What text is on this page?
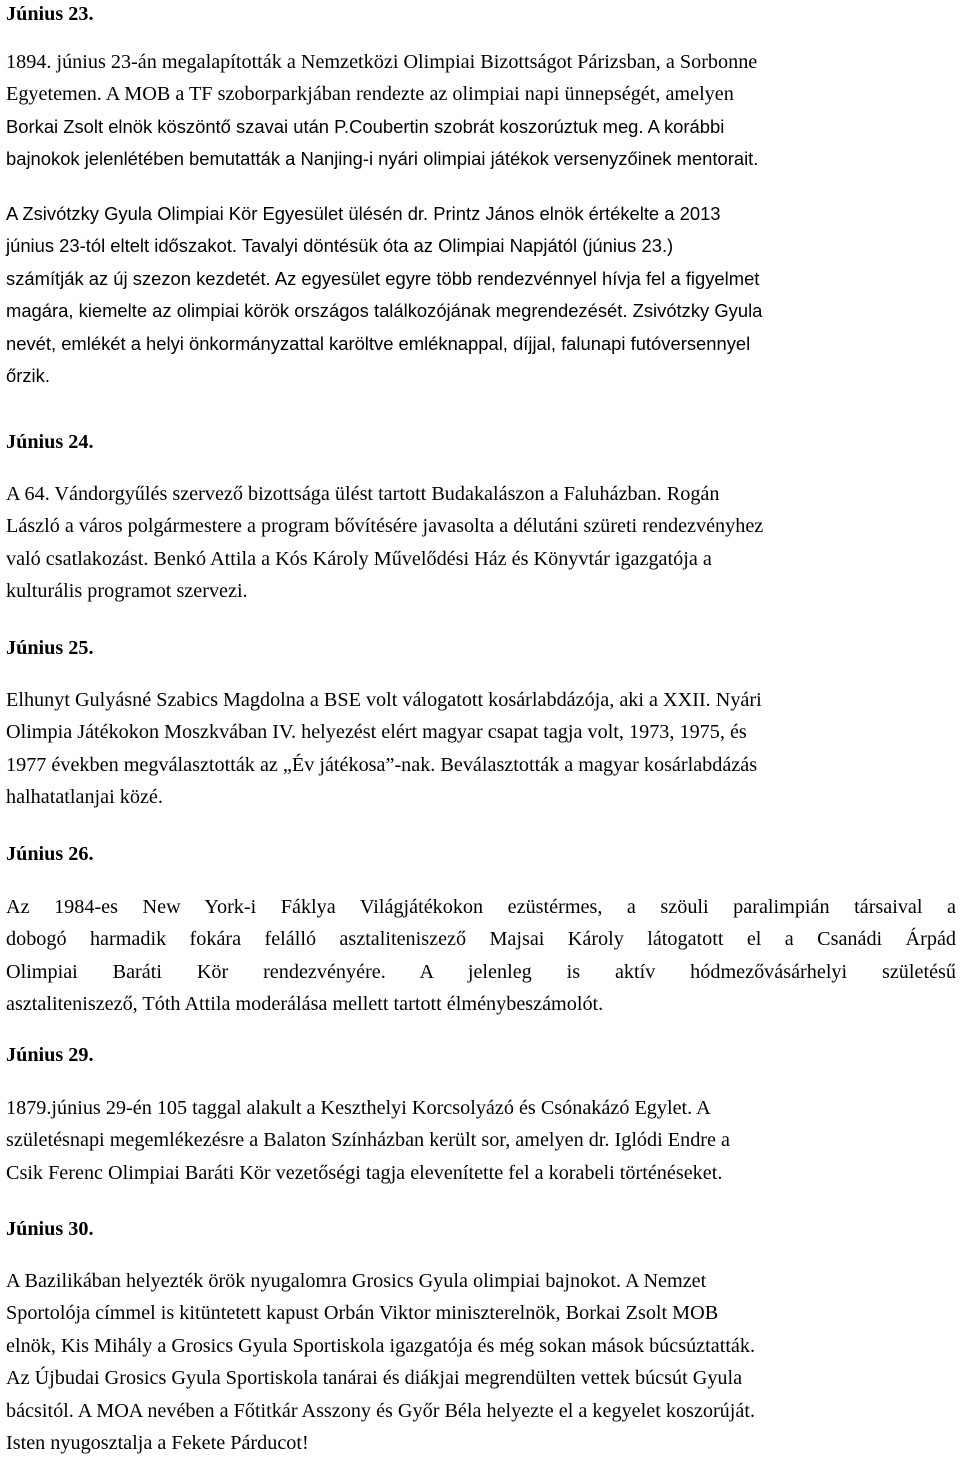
Június 23.
1894. június 23-án megalapították a Nemzetközi Olimpiai Bizottságot Párizsban, a Sorbonne
Egyetemen. A MOB a TF szoborparkjában rendezte az olimpiai napi ünnepségét, amelyen
Borkai Zsolt elnök köszöntő szavai után P.Coubertin szobrát koszorúztuk meg. A korábbi
bajnokok jelenlétében bemutatták a Nanjing-i nyári olimpiai játékok versenyzőinek mentorait.
A Zsivótzky Gyula Olimpiai Kör Egyesület ülésén dr. Printz János elnök értékelte a 2013
június 23-tól eltelt időszakot. Tavalyi döntésük óta az Olimpiai Napjától (június 23.)
számítják az új szezon kezdetét. Az egyesület egyre több rendezvénnyel hívja fel a figyelmet
magára, kiemelte az olimpiai körök országos találkozójának megrendezését. Zsivótzky Gyula
nevét, emlékét a helyi önkormányzattal karöltve emléknappal, díjjal, falunapi futóversennyel
őrzik.
Június 24.
A 64. Vándorgyűlés szervező bizottsága ülést tartott Budakalászon a Faluházban. Rogán
László a város polgármestere a program bővítésére javasolta a délutáni szüreti rendezvényhez
való csatlakozást. Benkó Attila a Kós Károly Művelődési Ház és Könyvtár igazgatója a
kulturális programot szervezi.
Június 25.
Elhunyt Gulyásné Szabics Magdolna a BSE volt válogatott kosárlabdázója, aki a XXII. Nyári
Olimpia Játékokon Moszkvában IV. helyezést elért magyar csapat tagja volt, 1973, 1975, és
1977 években megválasztották az „Év játékosa”-nak. Beválasztották a magyar kosárlabdázás
halhatatlanjai közé.
Június 26.
Az 1984-es New York-i Fáklya Világjátékokon ezüstérmes, a szöuli paralimpián társaival a
dobogó harmadik fokára felálló asztaliteniszező Majsai Károly látogatott el a Csanádi Árpád
Olimpiai Baráti Kör rendezvényére. A jelenleg is aktív hódmezővásárhelyi születésű
asztaliteniszező, Tóth Attila moderálása mellett tartott élménybeszámolót.
Június 29.
1879.június 29-én 105 taggal alakult a Keszthelyi Korcsolyázó és Csónakázó Egylet. A
születésnapi megemlékezésre a Balaton Színházban került sor, amelyen dr. Iglódi Endre a
Csik Ferenc Olimpiai Baráti Kör vezetőségi tagja elevenítette fel a korabeli történéseket.
Június 30.
A Bazilikában helyezték örök nyugalomra Grosics Gyula olimpiai bajnokot. A Nemzet
Sportolója címmel is kitüntetett kapust Orbán Viktor miniszterelnök, Borkai Zsolt MOB
elnök, Kis Mihály a Grosics Gyula Sportiskola igazgatója és még sokan mások búcsúztatták.
Az Újbudai Grosics Gyula Sportiskola tanárai és diákjai megrendülten vettek búcsút Gyula
bácsitól. A MOA nevében a Főtitkár Asszony és Győr Béla helyezte el a kegyelet koszorúját.
Isten nyugosztalja a Fekete Párducot!
